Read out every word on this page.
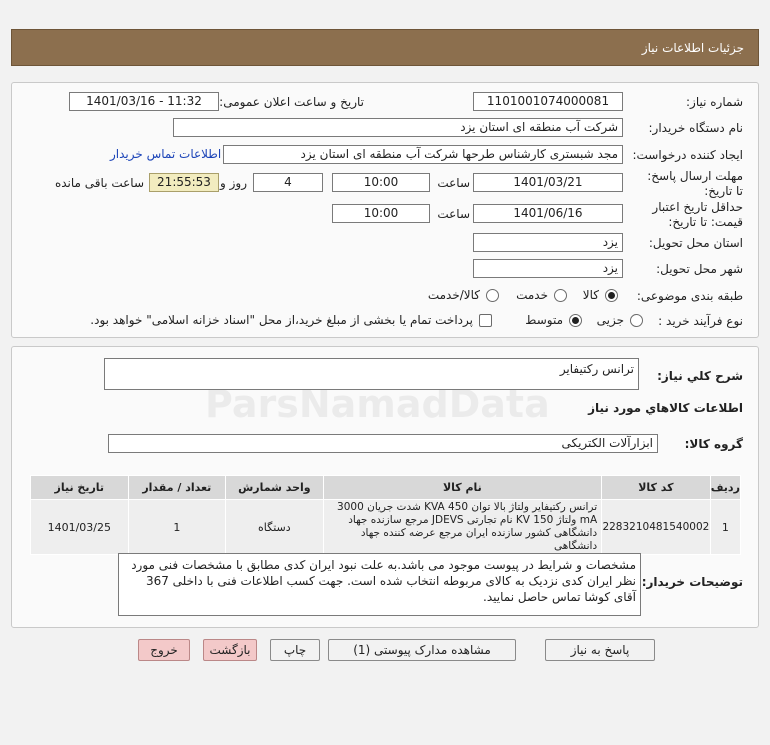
جزئیات اطلاعات نیاز
شماره نیاز:
1101001074000081
تاریخ و ساعت اعلان عمومی:
1401/03/16 - 11:32
نام دستگاه خریدار:
شرکت آب منطقه ای استان یزد
ایجاد کننده درخواست:
مجد شبستری کارشناس طرحها شرکت آب منطقه ای استان یزد
اطلاعات تماس خریدار
مهلت ارسال پاسخ: تا تاریخ:
1401/03/21
ساعت
10:00
4
روز و
21:55:53
ساعت باقی مانده
حداقل تاریخ اعتبار قیمت: تا تاریخ:
1401/06/16
ساعت
10:00
استان محل تحویل:
یزد
شهر محل تحویل:
یزد
طبقه بندی موضوعی:
کالا
خدمت
کالا/خدمت
نوع فرآیند خرید :
جزیی
متوسط
پرداخت تمام یا بخشی از مبلغ خرید،از محل "اسناد خزانه اسلامی" خواهد بود.
شرح کلي نياز:
ترانس رکتیفایر
اطلاعات کالاهاي مورد نياز
گروه کالا:
ابزارآلات الکتریکی
ردیف	کد کالا	نام کالا	واحد شمارش	تعداد / مقدار	تاریخ نیاز
1	2283210481540002	ترانس رکتیفایر ولتاژ بالا توان 450 KVA شدت جریان 3000 mA ولتاژ 150 KV نام تجارتی JDEVS مرجع سازنده جهاد دانشگاهی کشور سازنده ایران مرجع عرضه کننده جهاد دانشگاهی	دستگاه	1	1401/03/25
توضیحات خریدار:
مشخصات و شرایط در پیوست موجود می باشد.به علت نبود ایران کدی مطابق با مشخصات فنی مورد نظر ایران کدی نزدیک به کالای مربوطه انتخاب شده است. جهت کسب اطلاعات فنی با داخلی 367 آقای کوشا تماس حاصل نمایید.
پاسخ به نیاز
مشاهده مدارک پیوستی (1)
چاپ
بازگشت
خروج
